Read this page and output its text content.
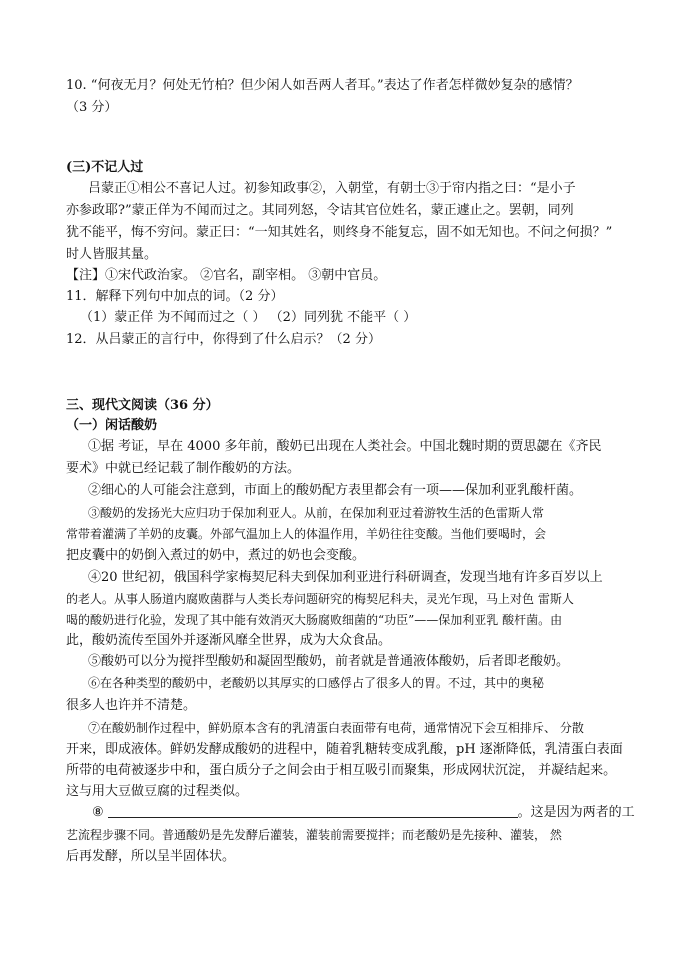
10. “何夜无月？何处无竹柏？但少闲人如吾两人者耳。”表达了作者怎样微妙复杂的感情？
（3 分）
(三)不记人过
吕蒙正①相公不喜记人过。初参知政事②，入朝堂，有朝士③于帘内指之曰：“是小子
亦参政耶?”蒙正佯为不闻而过之。其同列怒，令诘其官位姓名，蒙正遽止之。罢朝，同列
犹不能平，悔不穷问。蒙正曰：“一知其姓名，则终身不能复忘，固不如无知也。不问之何损？”
时人皆服其量。
【注】①宋代政治家。 ②官名，副宰相。 ③朝中官员。
11．解释下列句中加点的词。（2 分）
（1）蒙正佯 为不闻而过之（ ） （2）同列犹 不能平（ ）
12．从吕蒙正的言行中，你得到了什么启示？（2 分）
三、现代文阅读（36 分）
（一）闲话酸奶
①据 考证，早在 4000 多年前，酸奶已出现在人类社会。中国北魏时期的贾思勰在《齐民
要术》中就已经记载了制作酸奶的方法。
②细心的人可能会注意到，市面上的酸奶配方表里都会有一项——保加利亚乳酸杆菌。
③酸奶的发扬光大应归功于保加利亚人。从前，在保加利亚过着游牧生活的色雷斯人常
常带着灌满了羊奶的皮囊。外部气温加上人的体温作用，羊奶往往变酸。当他们要喝时，会
把皮囊中的奶倒入煮过的奶中，煮过的奶也会变酸。
④20 世纪初，俄国科学家梅契尼科夫到保加利亚进行科研调查，发现当地有许多百岁以上
的老人。从事人肠道内腐败菌群与人类长寿问题研究的梅契尼科夫，灵光乍现，马上对色 雷斯人
喝的酸奶进行化验，发现了其中能有效消灭大肠腐败细菌的“功臣”——保加利亚乳 酸杆菌。由
此，酸奶流传至国外并逐渐风靡全世界，成为大众食品。
⑤酸奶可以分为搅拌型酸奶和凝固型酸奶，前者就是普通液体酸奶，后者即老酸奶。
⑥在各种类型的酸奶中，老酸奶以其厚实的口感俘占了很多人的胃。不过，其中的奥秘
很多人也许并不清楚。
⑦在酸奶制作过程中，鲜奶原本含有的乳清蛋白表面带有电荷，通常情况下会互相排斥、 分散
开来，即成液体。鲜奶发酵成酸奶的进程中，随着乳糖转变成乳酸，pH 逐渐降低，乳清蛋白表面
所带的电荷被逐步中和，蛋白质分子之间会由于相互吸引而聚集，形成网状沉淀， 并凝结起来。
这与用大豆做豆腐的过程类似。
⑧	。这是因为两者的工
艺流程步骤不同。普通酸奶是先发酵后灌装，灌装前需要搅拌；而老酸奶是先接种、灌装， 然
后再发酵，所以呈半固体状。
